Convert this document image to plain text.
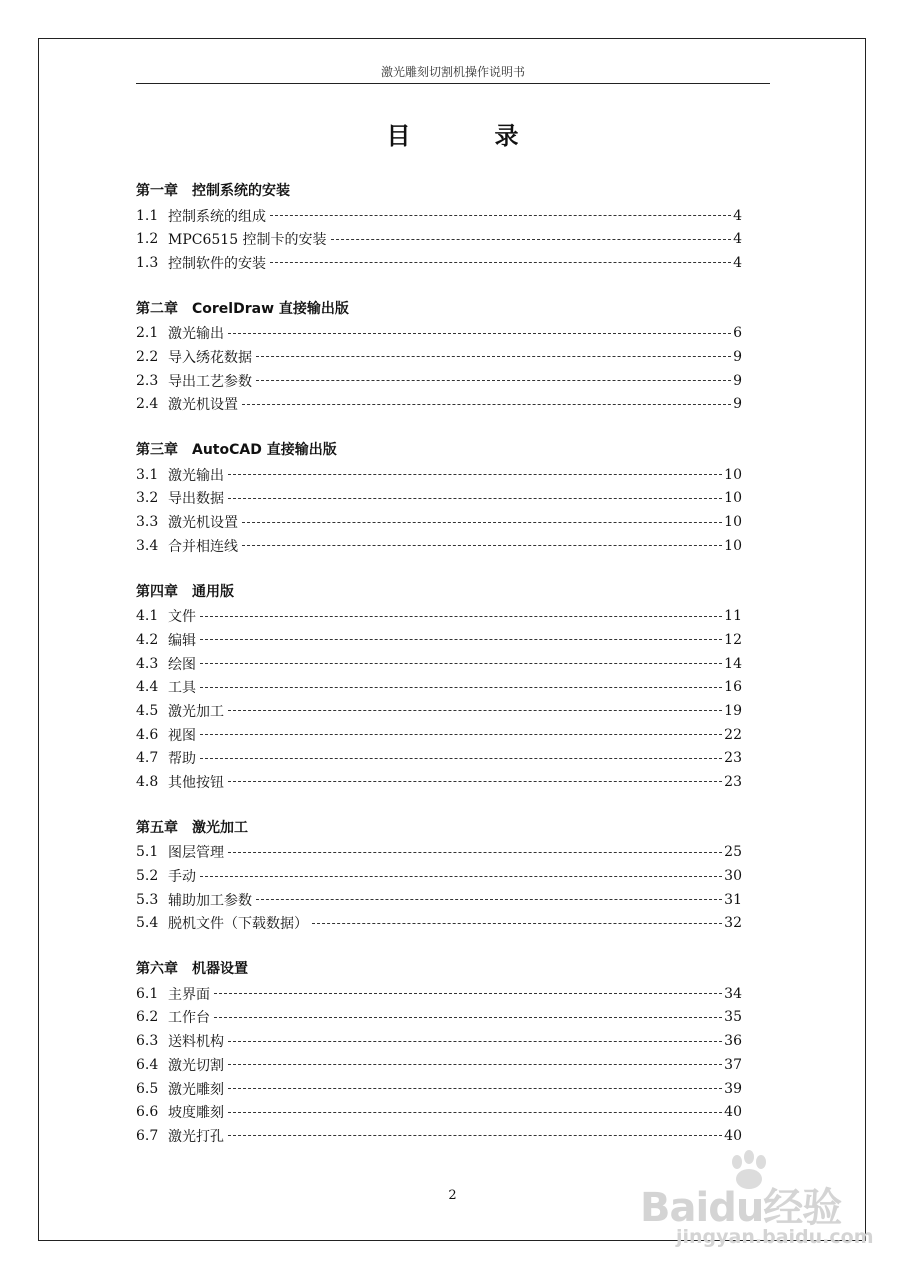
激光雕刻切割机操作说明书
目　录
第一章 控制系统的安装
1.1 控制系统的组成	4
1.2 MPC6515 控制卡的安装	4
1.3 控制软件的安装	4
第二章 CorelDraw 直接输出版
2.1 激光输出	6
2.2 导入绣花数据	9
2.3 导出工艺参数	9
2.4 激光机设置	9
第三章 AutoCAD 直接输出版
3.1 激光输出	10
3.2 导出数据	10
3.3 激光机设置	10
3.4 合并相连线	10
第四章 通用版
4.1 文件	11
4.2 编辑	12
4.3 绘图	14
4.4 工具	16
4.5 激光加工	19
4.6 视图	22
4.7 帮助	23
4.8 其他按钮	23
第五章 激光加工
5.1 图层管理	25
5.2 手动	30
5.3 辅助加工参数	31
5.4 脱机文件（下载数据）	32
第六章 机器设置
6.1 主界面	34
6.2 工作台	35
6.3 送料机构	36
6.4 激光切割	37
6.5 激光雕刻	39
6.6 坡度雕刻	40
6.7 激光打孔	40
2	Baidu经验
jingyan.baidu.com
